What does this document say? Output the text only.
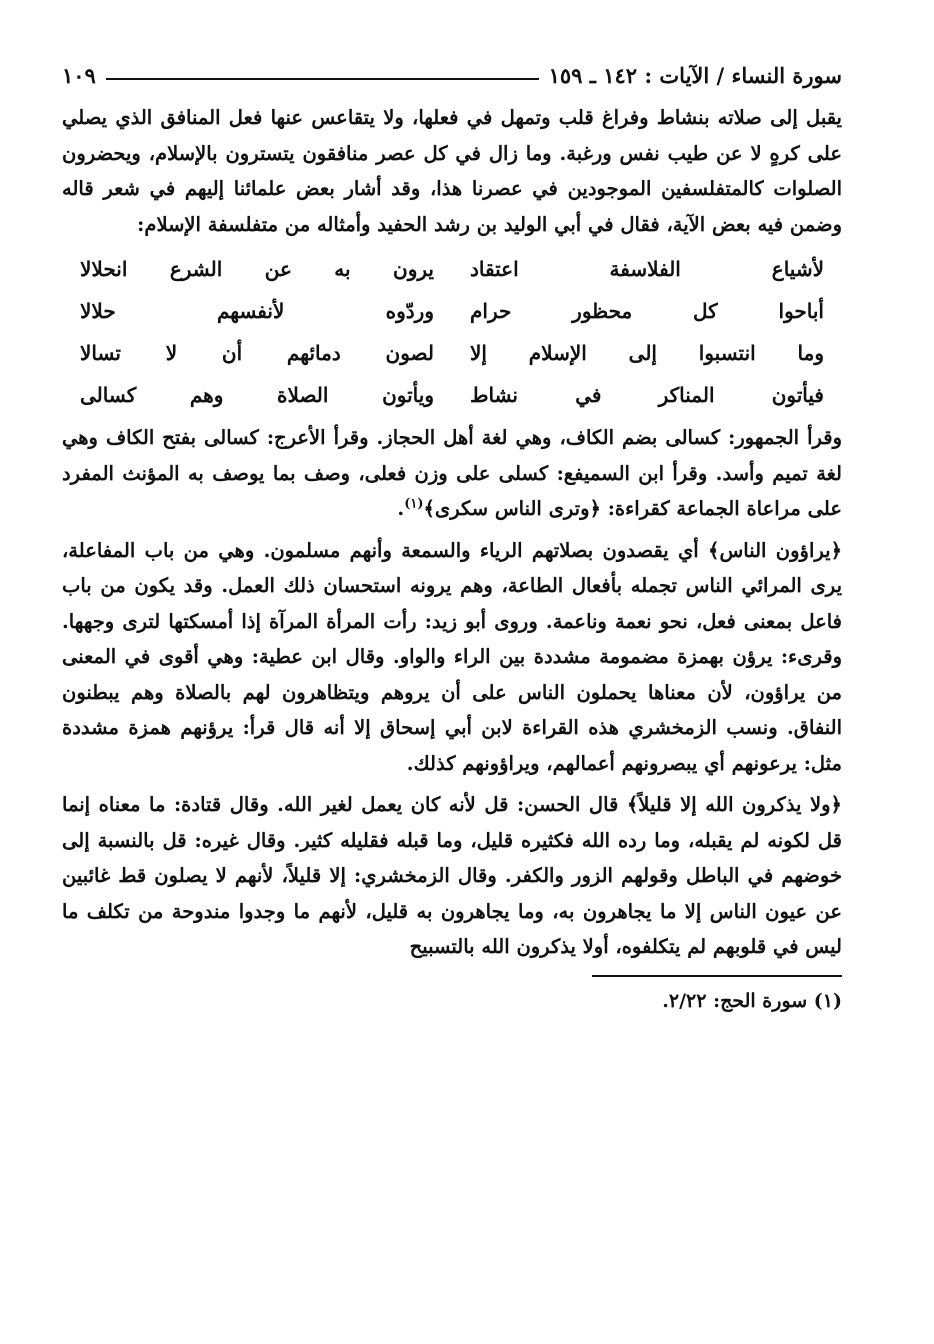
سورة النساء / الآيات : ١٤٢ ـ ١٥٩
١٠٩

يقبل إلى صلاته بنشاط وفراغ قلب وتمهل في فعلها، ولا يتقاعس عنها فعل المنافق الذي يصلي على كرهٍ لا عن طيب نفس ورغبة. وما زال في كل عصر منافقون يتسترون بالإسلام، ويحضرون الصلوات كالمتفلسفين الموجودين في عصرنا هذا، وقد أشار بعض علمائنا إليهم في شعر قاله وضمن فيه بعض الآية، فقال في أبي الوليد بن رشد الحفيد وأمثاله من متفلسفة الإسلام:

لأشياع الفلاسفة اعتقاد
يرون به عن الشرع انحلالا
أباحوا كل محظور حرام
وردّوه لأنفسهم حلالا
وما انتسبوا إلى الإسلام إلا
لصون دمائهم أن لا تسالا
فيأتون المناكر في نشاط
ويأتون الصلاة وهم كسالى

وقرأ الجمهور: كسالى بضم الكاف، وهي لغة أهل الحجاز. وقرأ الأعرج: كسالى بفتح الكاف وهي لغة تميم وأسد. وقرأ ابن السميفع: كسلى على وزن فعلى، وصف بما يوصف به المؤنث المفرد على مراعاة الجماعة كقراءة: ﴿وترى الناس سكرى﴾$^{(١)}$.

﴿يراؤون الناس﴾ أي يقصدون بصلاتهم الرياء والسمعة وأنهم مسلمون. وهي من باب المفاعلة، يرى المرائي الناس تجمله بأفعال الطاعة، وهم يرونه استحسان ذلك العمل. وقد يكون من باب فاعل بمعنى فعل، نحو نعمة وناعمة. وروى أبو زيد: رأت المرأة المرآة إذا أمسكتها لترى وجهها. وقرىء: يرؤن بهمزة مضمومة مشددة بين الراء والواو. وقال ابن عطية: وهي أقوى في المعنى من يراؤون، لأن معناها يحملون الناس على أن يروهم ويتظاهرون لهم بالصلاة وهم يبطنون النفاق. ونسب الزمخشري هذه القراءة لابن أبي إسحاق إلا أنه قال قرأ: يرؤنهم همزة مشددة مثل: يرعونهم أي يبصرونهم أعمالهم، ويراؤونهم كذلك.

﴿ولا يذكرون الله إلا قليلاً﴾ قال الحسن: قل لأنه كان يعمل لغير الله. وقال قتادة: ما معناه إنما قل لكونه لم يقبله، وما رده الله فكثيره قليل، وما قبله فقليله كثير. وقال غيره: قل بالنسبة إلى خوضهم في الباطل وقولهم الزور والكفر. وقال الزمخشري: إلا قليلاً، لأنهم لا يصلون قط غائبين عن عيون الناس إلا ما يجاهرون به، وما يجاهرون به قليل، لأنهم ما وجدوا مندوحة من تكلف ما ليس في قلوبهم لم يتكلفوه، أولا يذكرون الله بالتسبيح

(١) سورة الحج: ٢/٢٢.
